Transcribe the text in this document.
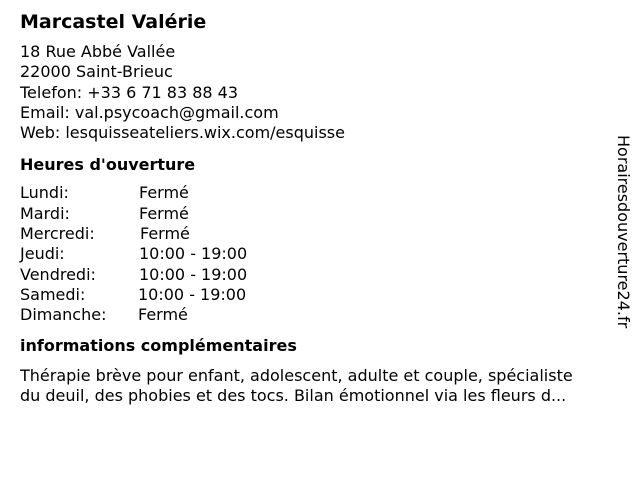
Marcastel Valérie
18 Rue Abbé Vallée
22000 Saint-Brieuc
Telefon: +33 6 71 83 88 43
Email: val.psycoach@gmail.com
Web: lesquisseateliers.wix.com/esquisse
Heures d'ouverture
Lundi:	Fermé
Mardi:	Fermé
Mercredi:	Fermé
Jeudi:	10:00 - 19:00
Vendredi:	10:00 - 19:00
Samedi:	10:00 - 19:00
Dimanche: Fermé
informations complémentaires
Thérapie brève pour enfant, adolescent, adulte et couple, spécialiste
du deuil, des phobies et des tocs. Bilan émotionnel via les fleurs d...
Horairesdouverture24.fr
